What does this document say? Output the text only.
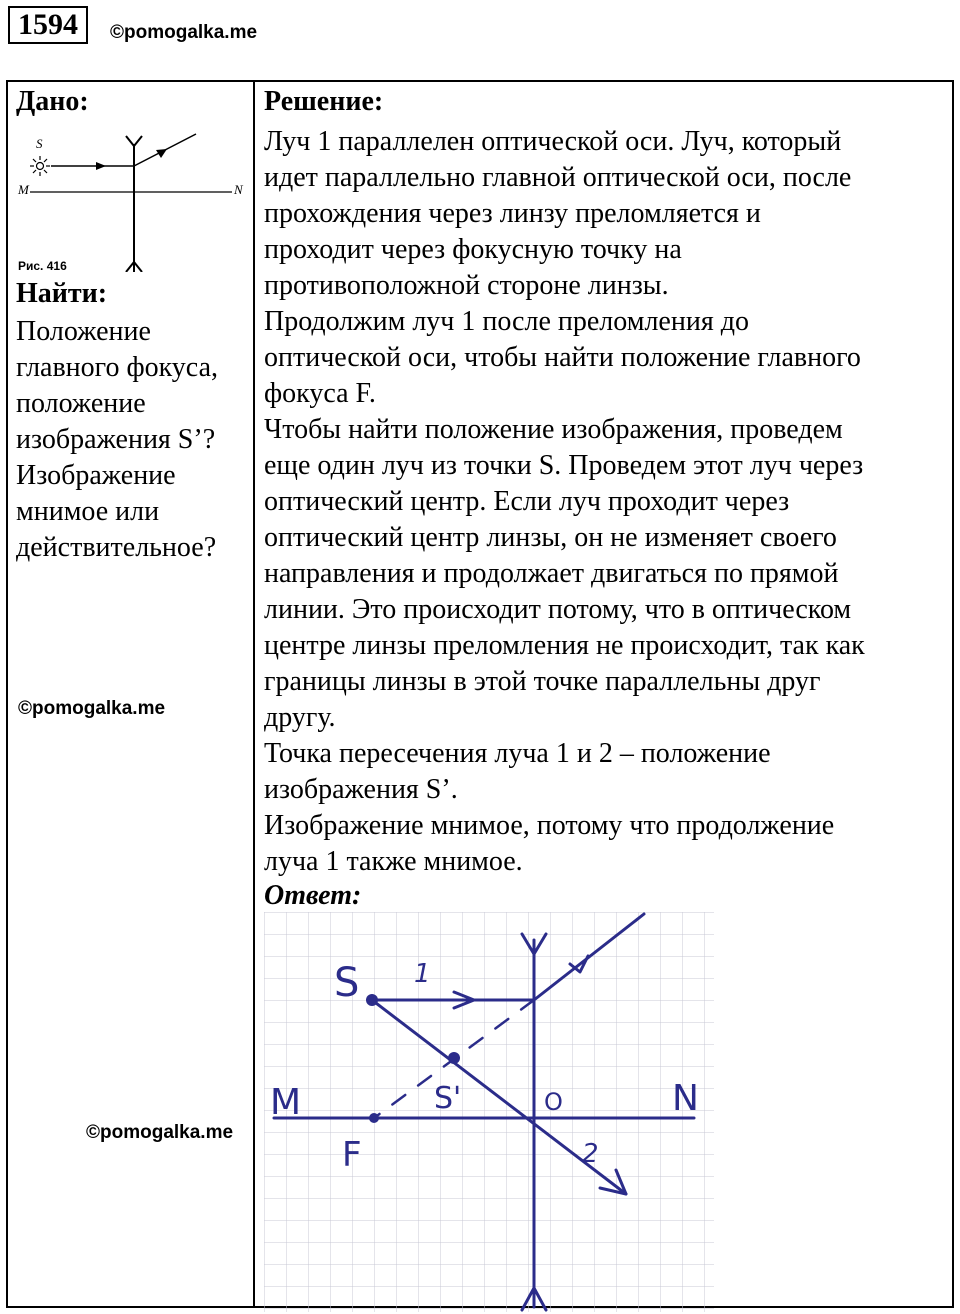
1594	©pomogalka.me
Дано:
S
M	N
Рис. 416
Найти:

Положение

главного фокуса,

положение

изображения S’?

Изображение

мнимое или

действительное?

©pomogalka.me
©pomogalka.me
Решение:

Луч 1 параллелен оптической оси. Луч, который

идет параллельно главной оптической оси, после

прохождения через линзу преломляется и

проходит через фокусную точку на

противоположной стороне линзы.

Продолжим луч 1 после преломления до

оптической оси, чтобы найти положение главного

фокуса F.

Чтобы найти положение изображения, проведем

еще один луч из точки S. Проведем этот луч через

оптический центр. Если луч проходит через

оптический центр линзы, он не изменяет своего

направления и продолжает двигаться по прямой

линии. Это происходит потому, что в оптическом

центре линзы преломления не происходит, так как

границы линзы в этой точке параллельны друг

другу.

Точка пересечения луча 1 и 2 – положение

изображения S’.

Изображение мнимое, потому что продолжение

луча 1 также мнимое.

Ответ:
S 1
S'	O
M	N
F	2
